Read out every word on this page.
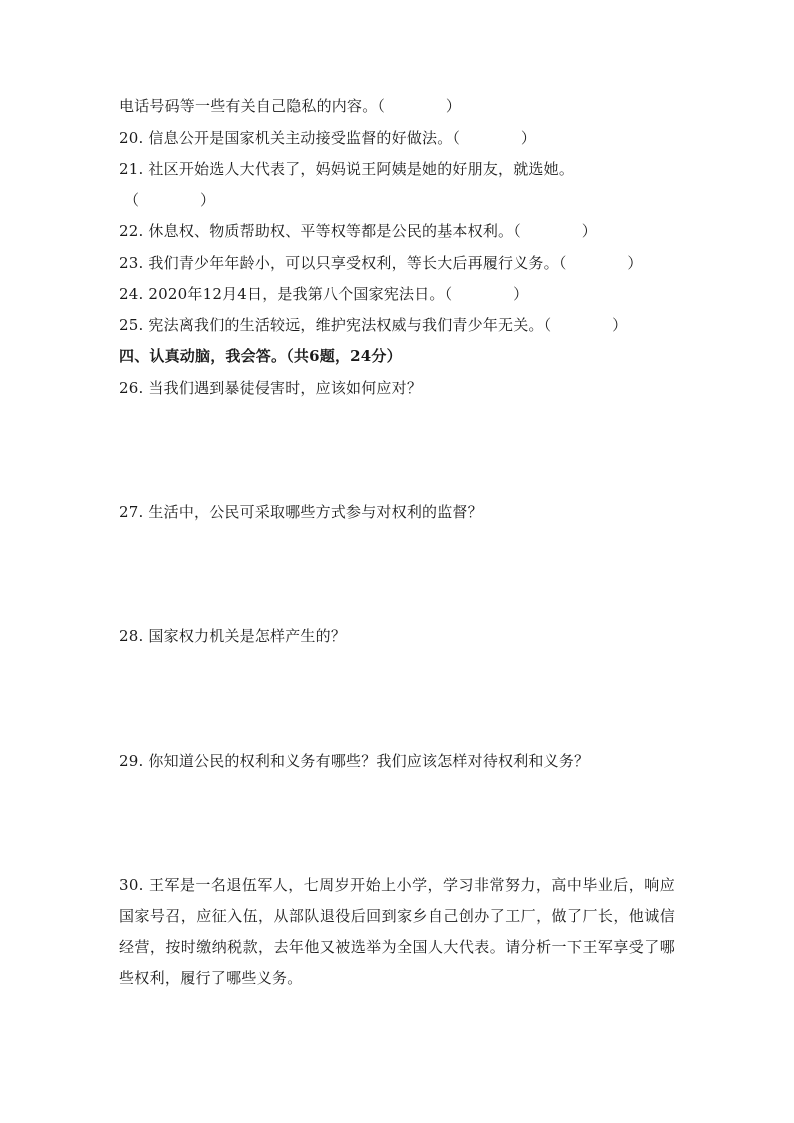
电话号码等一些有关自己隐私的内容。（　　　　）
20. 信息公开是国家机关主动接受监督的好做法。（　　　　）
21. 社区开始选人大代表了，妈妈说王阿姨是她的好朋友，就选她。
（　　　　）
22. 休息权、物质帮助权、平等权等都是公民的基本权利。（　　　　）
23. 我们青少年年龄小，可以只享受权利，等长大后再履行义务。（　　　　）
24. 2020年12月4日，是我第八个国家宪法日。（　　　　）
25. 宪法离我们的生活较远，维护宪法权威与我们青少年无关。（　　　　）
四、认真动脑，我会答。（共6题，24分）
26. 当我们遇到暴徒侵害时，应该如何应对？
27. 生活中，公民可采取哪些方式参与对权利的监督？
28. 国家权力机关是怎样产生的？
29. 你知道公民的权利和义务有哪些？我们应该怎样对待权利和义务？
30. 王军是一名退伍军人，七周岁开始上小学，学习非常努力，高中毕业后，响应国家号召，应征入伍，从部队退役后回到家乡自己创办了工厂，做了厂长，他诚信经营，按时缴纳税款，去年他又被选举为全国人大代表。请分析一下王军享受了哪些权利，履行了哪些义务。
